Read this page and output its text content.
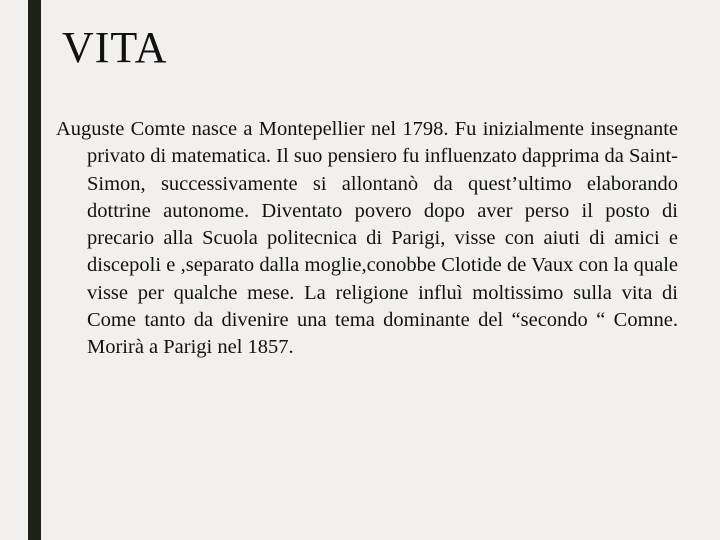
VITA

Auguste Comte nasce a Montepellier nel 1798. Fu inizialmente insegnante privato di matematica. Il suo pensiero fu influenzato dapprima da Saint-Simon, successivamente si allontanò da quest’ultimo elaborando dottrine autonome. Diventato povero dopo aver perso il posto di precario alla Scuola politecnica di Parigi, visse con aiuti di amici e discepoli e ,separato dalla moglie,conobbe Clotide de Vaux con la quale visse per qualche mese. La religione influì moltissimo sulla vita di Come tanto da divenire una tema dominante del “secondo “ Comne. Morirà a Parigi nel 1857.
